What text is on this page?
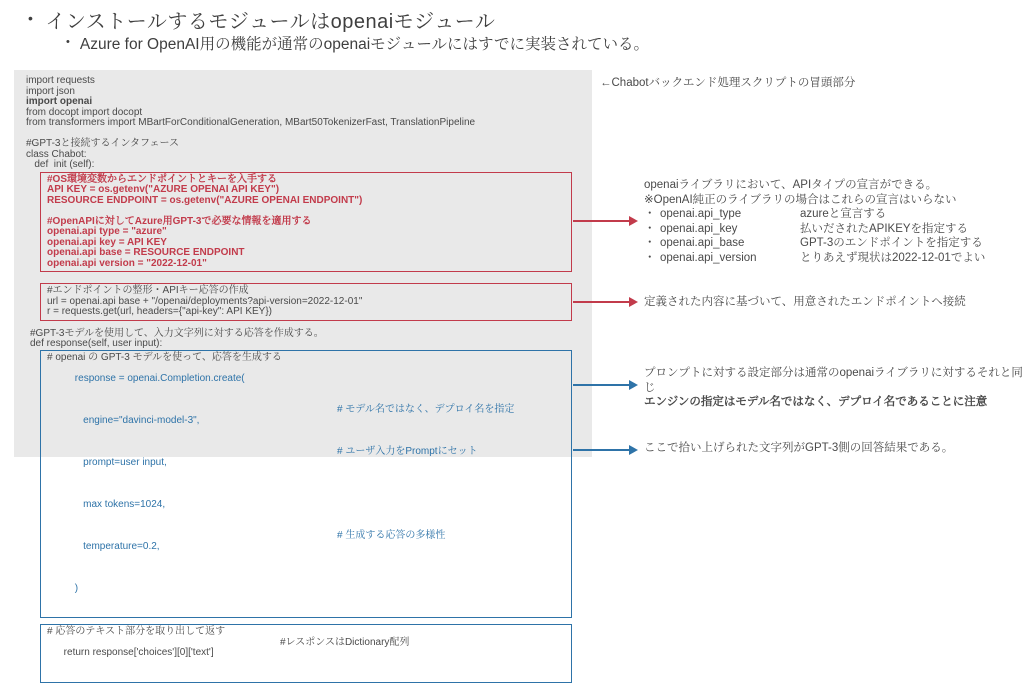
• インストールするモジュールはopenaiモジュール
• Azure for OpenAI用の機能が通常のopenaiモジュールにはすでに実装されている。
import requests
import json
import openai
from docopt import docopt
from transformers import MBartForConditionalGeneration, MBart50TokenizerFast, TranslationPipeline

#GPT-3と接続するインタフェース
class Chabot:
def  init (self):
#OS環境変数からエンドポイントとキーを入手する
API KEY = os.getenv("AZURE OPENAI API KEY")
RESOURCE ENDPOINT = os.getenv("AZURE OPENAI ENDPOINT")

#OpenAPIに対してAzure用GPT-3で必要な情報を適用する
openai.api type = "azure"
openai.api key = API KEY
openai.api base = RESOURCE ENDPOINT
openai.api version = "2022-12-01"
#エンドポイントの整形・APIキー応答の作成
url = openai.api base + "/openai/deployments?api-version=2022-12-01"
r = requests.get(url, headers={"api-key": API KEY})
#GPT-3モデルを使用して、入力文字列に対する応答を作成する。
def response(self, user input):
# openai の GPT-3 モデルを使って、応答を生成する

response = openai.Completion.create(

engine="davinci-model-3",

# モデル名ではなく、デプロイ名を指定

prompt=user input,

# ユーザ入力をPromptにセット

max tokens=1024,

temperature=0.2,

# 生成する応答の多様性

)

# 応答のテキスト部分を取り出して返す

return response['choices'][0]['text']

#レスポンスはDictionary配列

←Chabotバックエンド処理スクリプトの冒頭部分
openaiライブラリにおいて、APIタイプの宣言ができる。
※OpenAI純正のライブラリの場合はこれらの宣言はいらない
・ openai.api_type	azureと宣言する
・ openai.api_key	払いだされたAPIKEYを指定する
・ openai.api_base	GPT-3のエンドポイントを指定する
・ openai.api_version	とりあえず現状は2022-12-01でよい
定義された内容に基づいて、用意されたエンドポイントへ接続
プロンプトに対する設定部分は通常のopenaiライブラリに対するそれと同じ
エンジンの指定はモデル名ではなく、デプロイ名であることに注意
ここで拾い上げられた文字列がGPT-3側の回答結果である。
